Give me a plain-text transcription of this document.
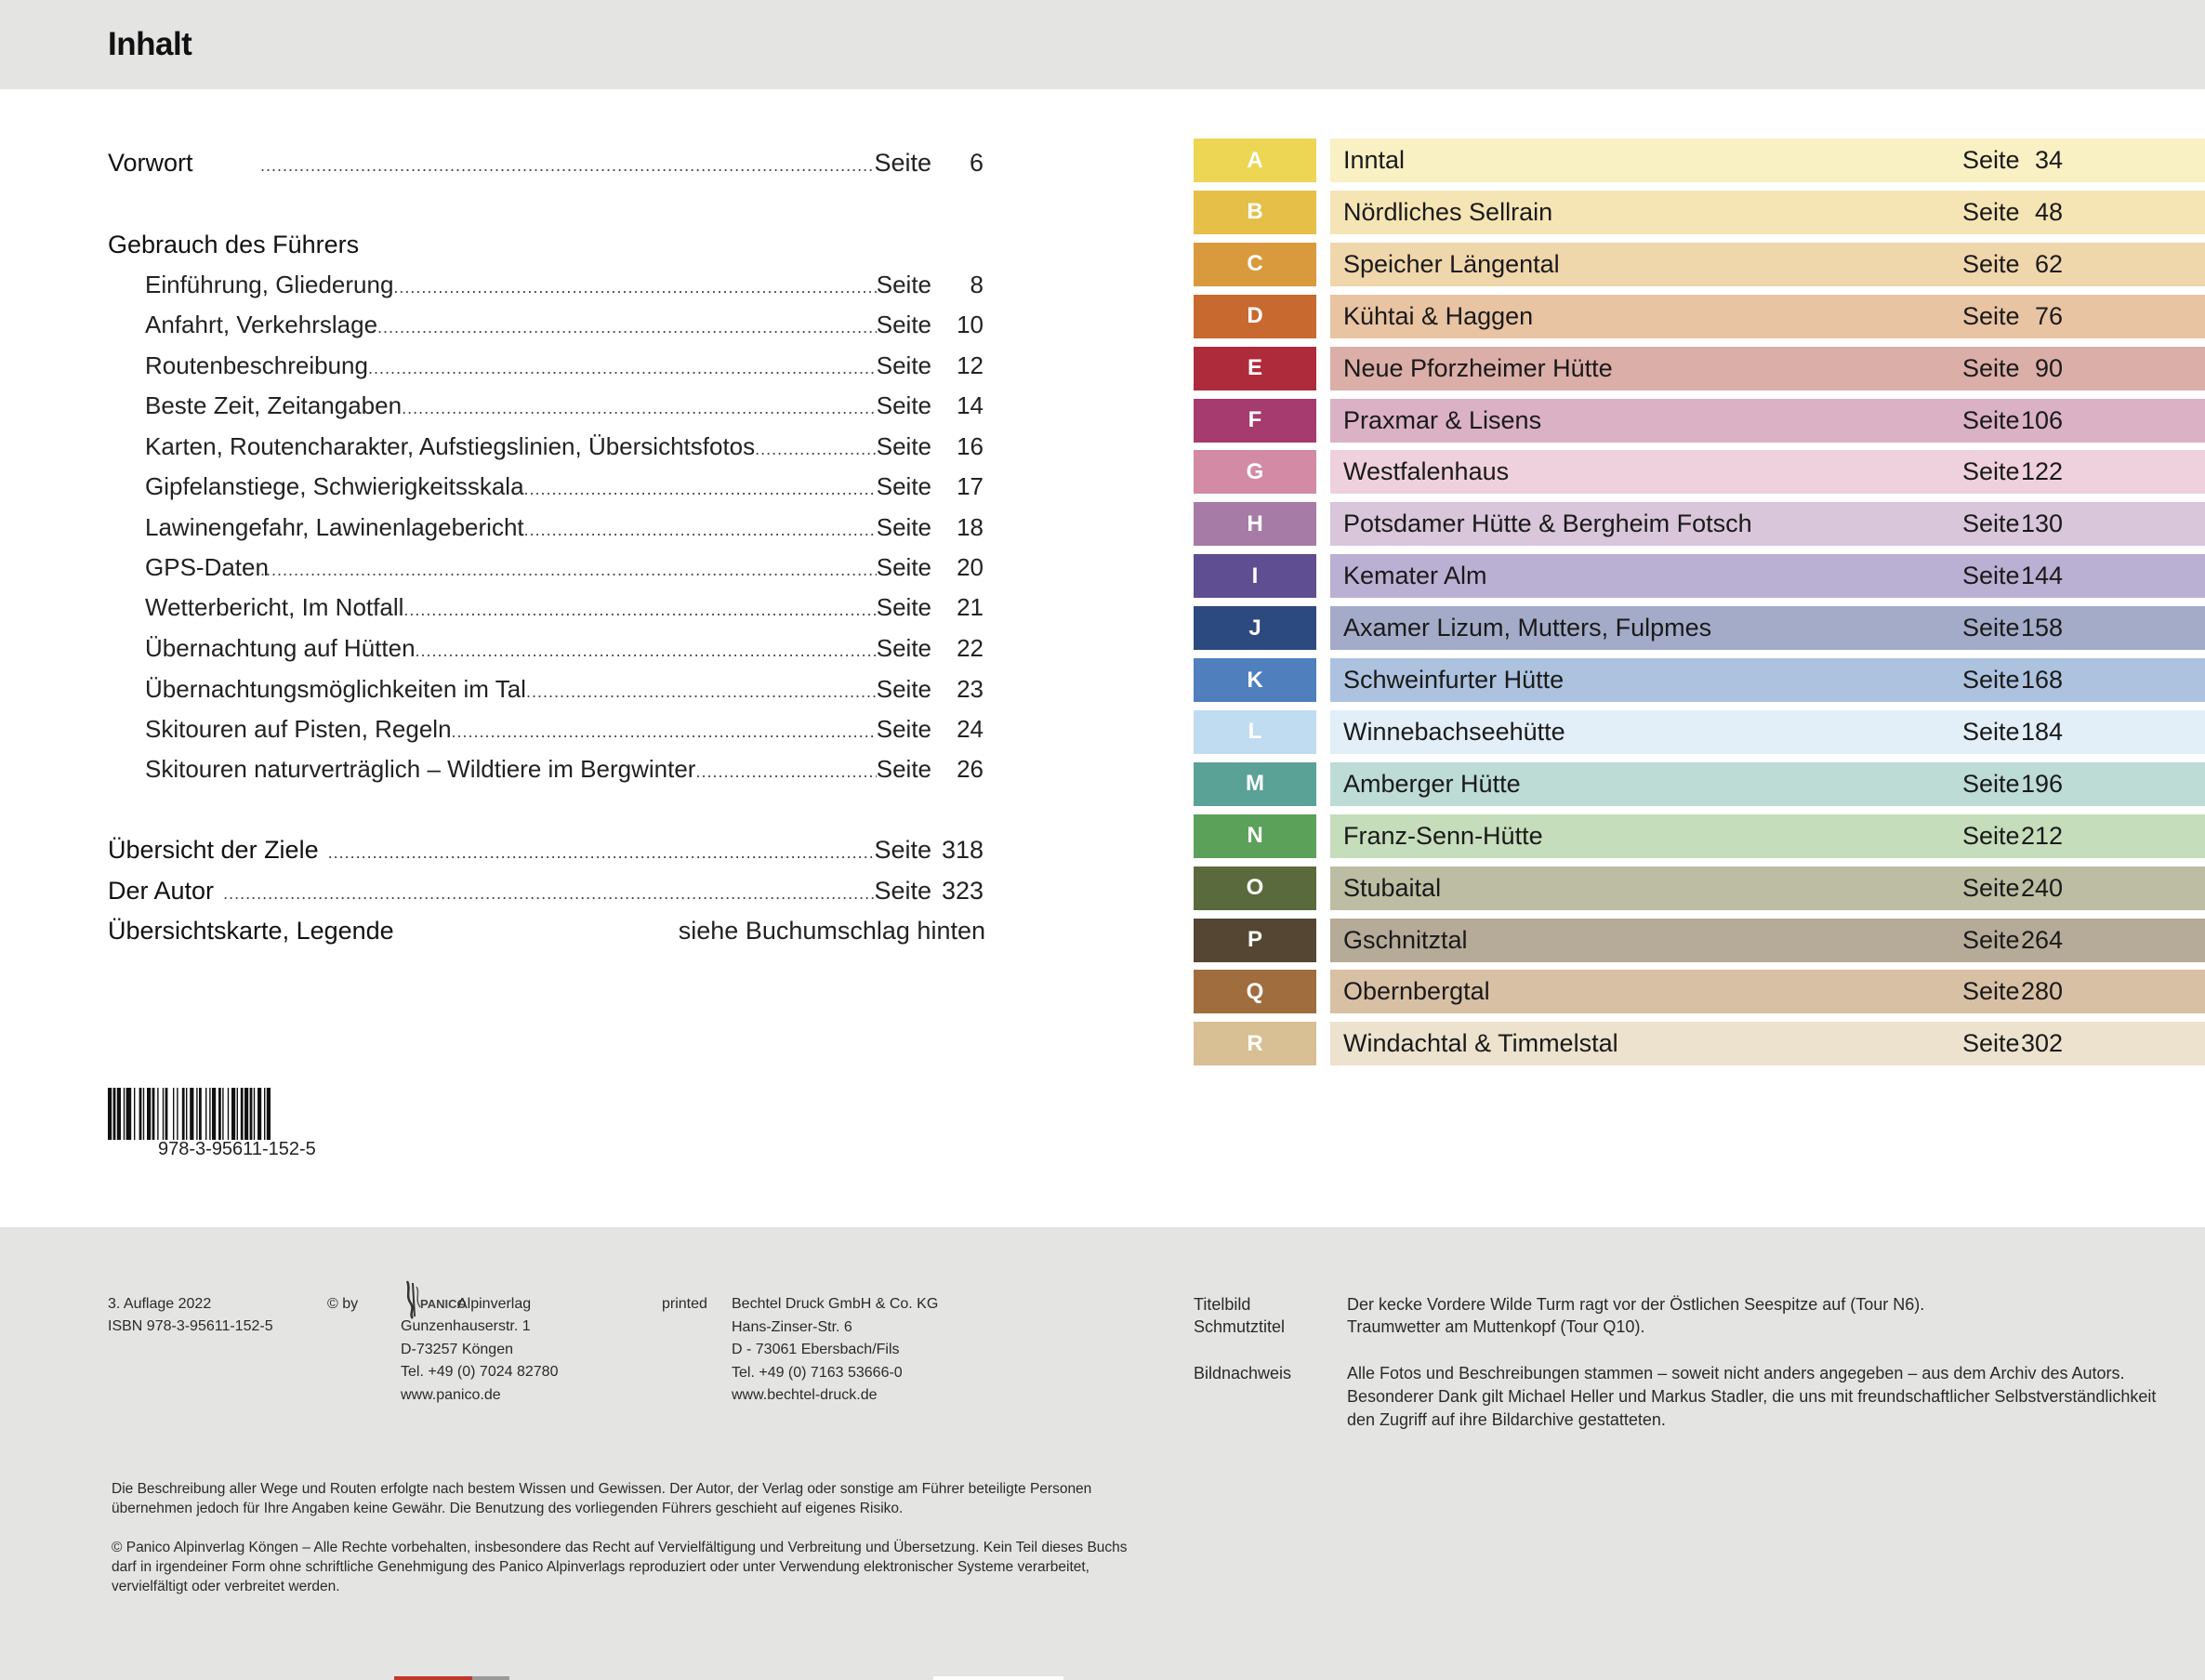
Inhalt
Vorwort .....	Seite	6
Gebrauch des Führers
Einführung, Gliederung .....	Seite	8
Anfahrt, Verkehrslage .....	Seite	10
Routenbeschreibung .....	Seite	12
Beste Zeit, Zeitangaben .....	Seite	14
Karten, Routencharakter, Aufstiegslinien, Übersichtsfotos .....	Seite	16
Gipfelanstiege, Schwierigkeitsskala .....	Seite	17
Lawinengefahr, Lawinenlagebericht .....	Seite	18
GPS-Daten .....	Seite	20
Wetterbericht, Im Notfall .....	Seite	21
Übernachtung auf Hütten .....	Seite	22
Übernachtungsmöglichkeiten im Tal .....	Seite	23
Skitouren auf Pisten, Regeln .....	Seite	24
Skitouren naturverträglich – Wildtiere im Bergwinter .....	Seite	26
Übersicht der Ziele .....	Seite 318
Der Autor .....	Seite 323
Übersichtskarte, Legende	siehe Buchumschlag hinten
A	Inntal	Seite 34
B	Nördliches Sellrain	Seite 48
C	Speicher Längental	Seite 62
D	Kühtai & Haggen	Seite 76
E	Neue Pforzheimer Hütte	Seite 90
F	Praxmar & Lisens	Seite 106
G	Westfalenhaus	Seite 122
H	Potsdamer Hütte & Bergheim Fotsch	Seite 130
I	Kemater Alm	Seite 144
J	Axamer Lizum, Mutters, Fulpmes	Seite 158
K	Schweinfurter Hütte	Seite 168
L	Winnebachseehütte	Seite 184
M	Amberger Hütte	Seite 196
N	Franz-Senn-Hütte	Seite 212
O	Stubaital	Seite 240
P	Gschnitztal	Seite 264
Q	Obernbergtal	Seite 280
R	Windachtal & Timmelstal	Seite 302
978-3-95611-152-5
3. Auflage 2022
ISBN 978-3-95611-152-5
© by	PANICO
Alpinverlag
Gunzenhauserstr. 1
D-73257 Köngen
Tel. +49 (0) 7024 82780
www.panico.de
printed Bechtel Druck GmbH & Co. KG
Hans-Zinser-Str. 6
D - 73061 Ebersbach/Fils
Tel. +49 (0) 7163 53666-0
www.bechtel-druck.de
Titelbild	Der kecke Vordere Wilde Turm ragt vor der Östlichen Seespitze auf (Tour N6).
Schmutztitel	Traumwetter am Muttenkopf (Tour Q10).
Bildnachweis	Alle Fotos und Beschreibungen stammen – soweit nicht anders angegeben – aus dem Archiv des Autors.
Besonderer Dank gilt Michael Heller und Markus Stadler, die uns mit freundschaftlicher Selbstverständlichkeit
den Zugriff auf ihre Bildarchive gestatteten.
Die Beschreibung aller Wege und Routen erfolgte nach bestem Wissen und Gewissen. Der Autor, der Verlag oder sonstige am Führer beteiligte Personen
übernehmen jedoch für Ihre Angaben keine Gewähr. Die Benutzung des vorliegenden Führers geschieht auf eigenes Risiko.
© Panico Alpinverlag Köngen – Alle Rechte vorbehalten, insbesondere das Recht auf Vervielfältigung und Verbreitung und Übersetzung. Kein Teil dieses Buchs
darf in irgendeiner Form ohne schriftliche Genehmigung des Panico Alpinverlags reproduziert oder unter Verwendung elektronischer Systeme verarbeitet,
vervielfältigt oder verbreitet werden.
